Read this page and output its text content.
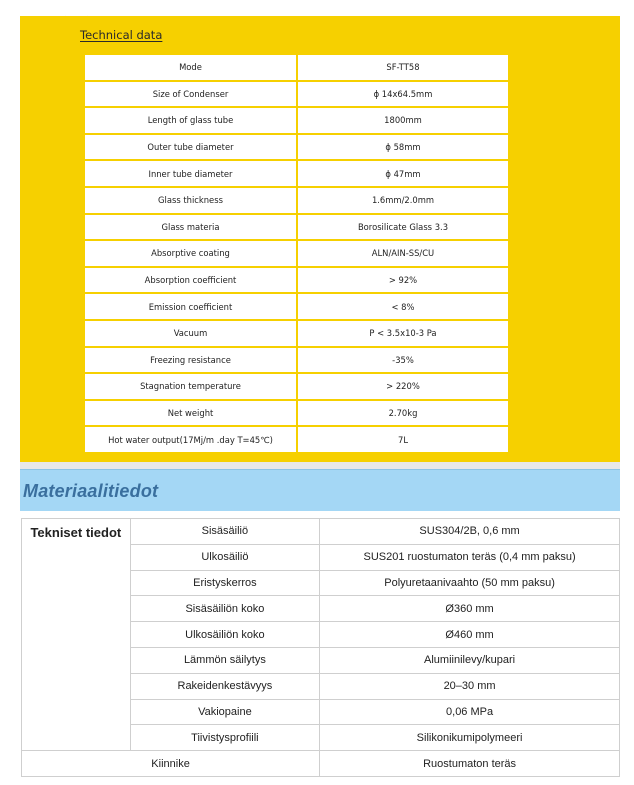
Technical data
Mode	SF-TT58
Size of Condenser	ϕ 14x64.5mm
Length of glass tube	1800mm
Outer tube diameter	ϕ 58mm
Inner tube diameter	ϕ 47mm
Glass thickness	1.6mm/2.0mm
Glass materia	Borosilicate Glass 3.3
Absorptive coating	ALN/AIN-SS/CU
Absorption coefficient	> 92%
Emission coefficient	< 8%
Vacuum	P < 3.5x10-3 Pa
Freezing resistance	-35%
Stagnation temperature	> 220%
Net weight	2.70kg
Hot water output(17Mj/m .day T=45℃)	7L
Materiaalitiedot
Tekniset tiedot	Sisäsäiliö	SUS304/2B, 0,6 mm
	Ulkosäiliö	SUS201 ruostumaton teräs (0,4 mm paksu)
	Eristyskerros	Polyuretaanivaahto (50 mm paksu)
	Sisäsäiliön koko	Ø360 mm
	Ulkosäiliön koko	Ø460 mm
	Lämmön säilytys	Alumiinilevy/kupari
	Rakeidenkestävyys	20–30 mm
	Vakiopaine	0,06 MPa
	Tiivistysprofiili	Silikonikumipolymeeri
Kiinnike		Ruostumaton teräs
